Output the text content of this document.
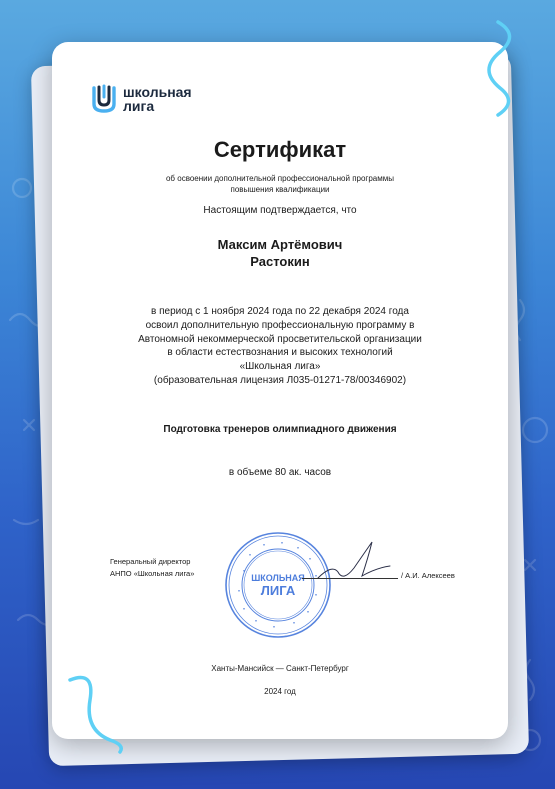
школьная
лига
Сертификат
об освоении дополнительной профессиональной программы
повышения квалификации
Настоящим подтверждается, что
Максим Артёмович
Растокин
в период с 1 ноября 2024 года по 22 декабря 2024 года
освоил дополнительную профессиональную программу в
Автономной некоммерческой просветительской организации
в области естествознания и высоких технологий
«Школьная лига»
(образовательная лицензия Л035-01271-78/00346902)
Подготовка тренеров олимпиадного движения
в объеме 80 ак. часов
Генеральный директор
АНПО «Школьная лига»	ШКОЛЬНАЯ
ЛИГА
/ А.И. Алексеев
Ханты-Мансийск — Санкт-Петербург
2024 год
